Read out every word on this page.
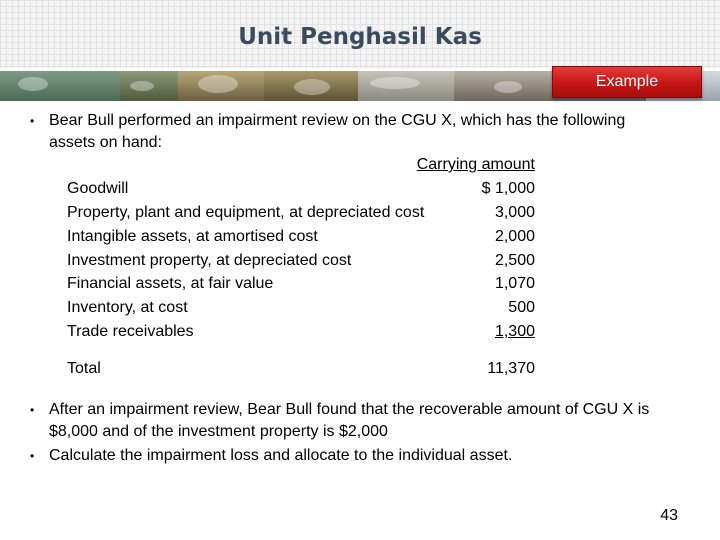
Unit Penghasil Kas
Example
• Bear Bull performed an impairment review on the CGU X, which has the following assets on hand:
Carrying amount
Goodwill	$ 1,000
Property, plant and equipment, at depreciated cost	3,000
Intangible assets, at amortised cost	2,000
Investment property, at depreciated cost	2,500
Financial assets, at fair value	1,070
Inventory, at cost	500
Trade receivables	1,300
Total	11,370
• After an impairment review, Bear Bull found that the recoverable amount of CGU X is $8,000 and of the investment property is $2,000
• Calculate the impairment loss and allocate to the individual asset.
43
